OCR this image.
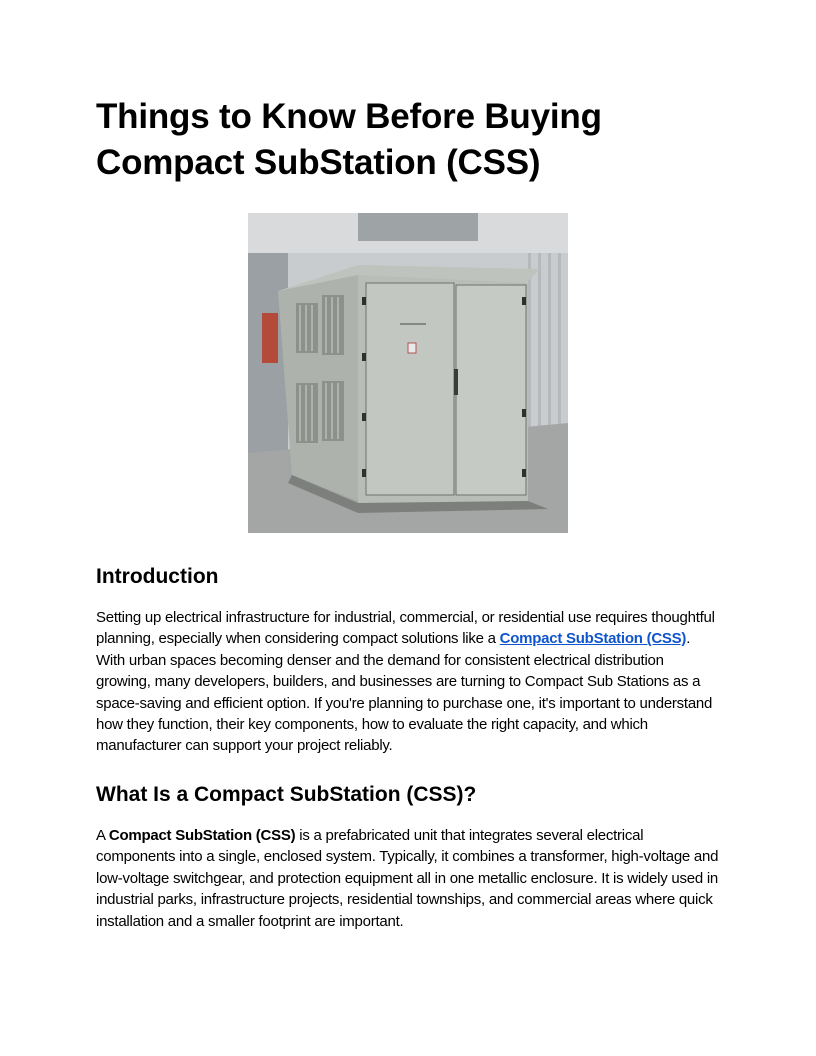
Things to Know Before Buying Compact SubStation (CSS)
Introduction

Setting up electrical infrastructure for industrial, commercial, or residential use requires thoughtful planning, especially when considering compact solutions like a Compact SubStation (CSS). With urban spaces becoming denser and the demand for consistent electrical distribution growing, many developers, builders, and businesses are turning to Compact Sub Stations as a space-saving and efficient option. If you're planning to purchase one, it's important to understand how they function, their key components, how to evaluate the right capacity, and which manufacturer can support your project reliably.

What Is a Compact SubStation (CSS)?

A Compact SubStation (CSS) is a prefabricated unit that integrates several electrical components into a single, enclosed system. Typically, it combines a transformer, high-voltage and low-voltage switchgear, and protection equipment all in one metallic enclosure. It is widely used in industrial parks, infrastructure projects, residential townships, and commercial areas where quick installation and a smaller footprint are important.
